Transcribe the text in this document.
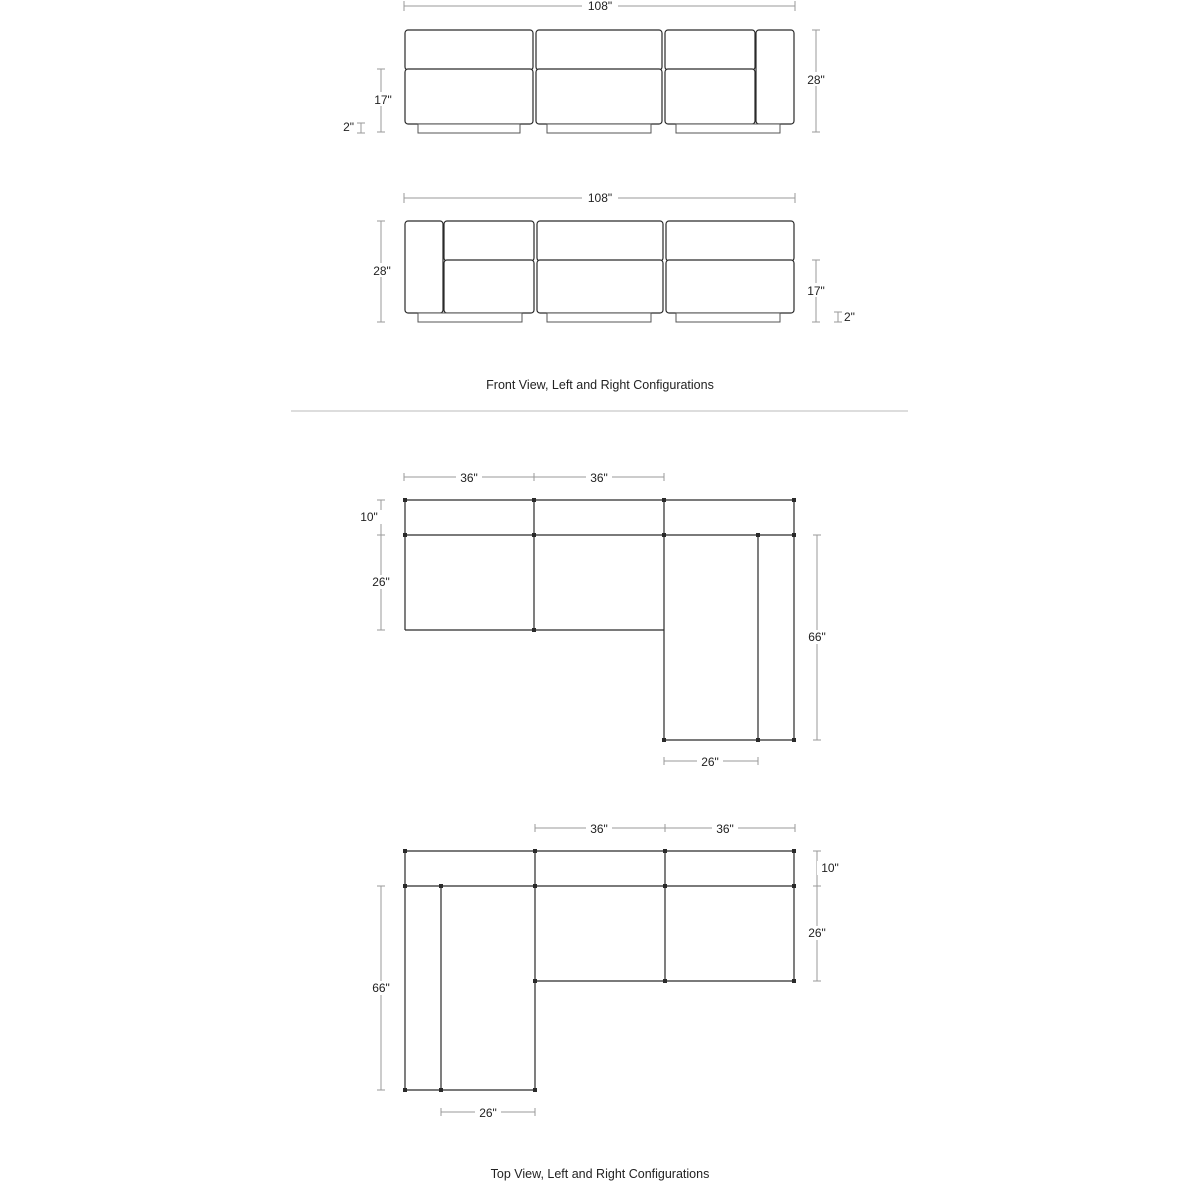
108"
17"
2"
28"
108"
28"
17"
2"
Front View, Left and Right Configurations
36"	36"
10"
26"
66"
26"
36"	36"
10"
26"
66"
26"
Top View, Left and Right Configurations
